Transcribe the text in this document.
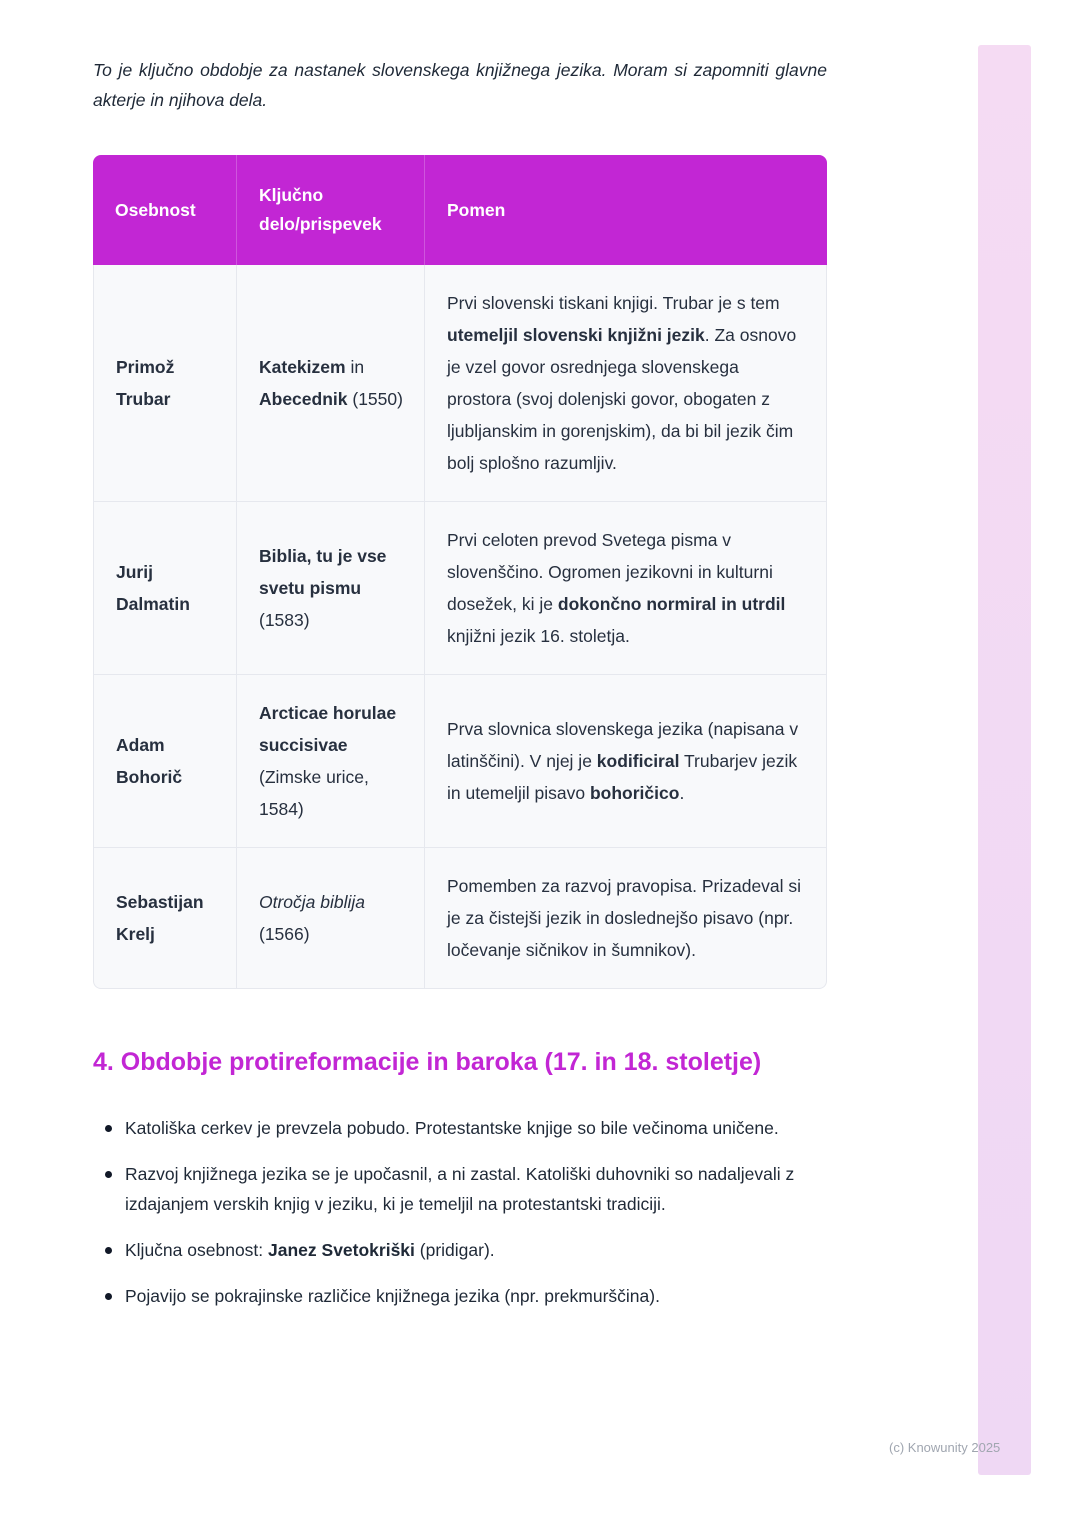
To je ključno obdobje za nastanek slovenskega knjižnega jezika. Moram si zapomniti glavne akterje in njihova dela.

Osebnost	Ključno delo/prispevek	Pomen
Primož Trubar	Katekizem in Abecednik (1550)	Prvi slovenski tiskani knjigi. Trubar je s tem utemeljil slovenski knjižni jezik. Za osnovo je vzel govor osrednjega slovenskega prostora (svoj dolenjski govor, obogaten z ljubljanskim in gorenjskim), da bi bil jezik čim bolj splošno razumljiv.
Jurij Dalmatin	Biblia, tu je vse svetu pismu (1583)	Prvi celoten prevod Svetega pisma v slovenščino. Ogromen jezikovni in kulturni dosežek, ki je dokončno normiral in utrdil knjižni jezik 16. stoletja.
Adam Bohorič	Arcticae horulae succisivae (Zimske urice, 1584)	Prva slovnica slovenskega jezika (napisana v latinščini). V njej je kodificiral Trubarjev jezik in utemeljil pisavo bohoričico.
Sebastijan Krelj	Otročja biblija (1566)	Pomemben za razvoj pravopisa. Prizadeval si je za čistejši jezik in doslednejšo pisavo (npr. ločevanje sičnikov in šumnikov).
4. Obdobje protireformacije in baroka (17. in 18. stoletje)
Katoliška cerkev je prevzela pobudo. Protestantske knjige so bile večinoma uničene.
Razvoj knjižnega jezika se je upočasnil, a ni zastal. Katoliški duhovniki so nadaljevali z izdajanjem verskih knjig v jeziku, ki je temeljil na protestantski tradiciji.
Ključna osebnost: Janez Svetokriški (pridigar).
Pojavijo se pokrajinske različice knjižnega jezika (npr. prekmurščina).
(c) Knowunity 2025
